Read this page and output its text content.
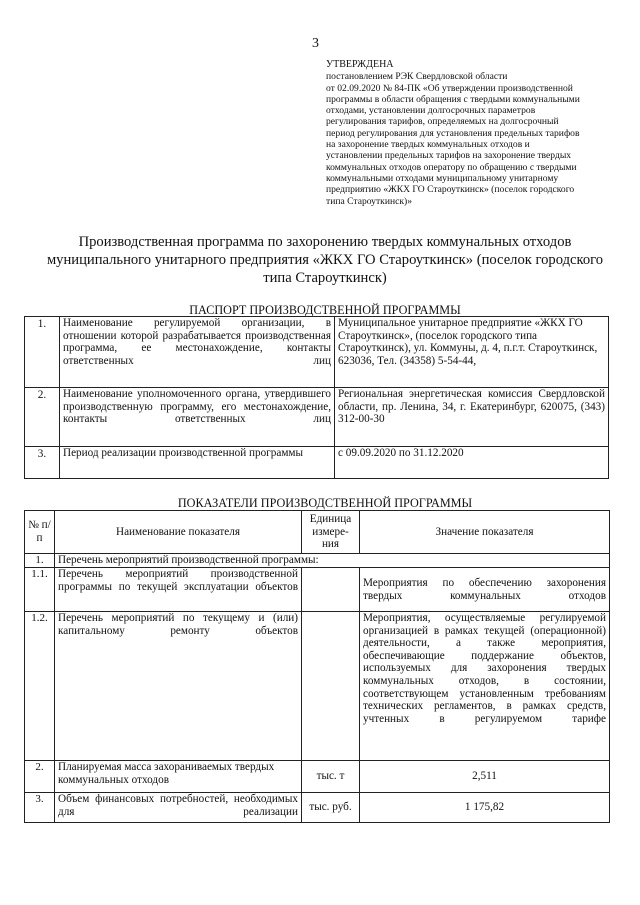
3
УТВЕРЖДЕНА
постановлением РЭК Свердловской области
от 02.09.2020 № 84-ПК «Об утверждении производственной
программы в области обращения с твердыми коммунальными
отходами, установлении долгосрочных параметров
регулирования тарифов, определяемых на долгосрочный
период регулирования для установления предельных тарифов
на захоронение твердых коммунальных отходов и
установлении предельных тарифов на захоронение твердых
коммунальных отходов оператору по обращению с твердыми
коммунальными отходами муниципальному унитарному
предприятию «ЖКХ ГО Староуткинск» (поселок городского
типа Староуткинск)»
Производственная программа по захоронению твердых коммунальных отходов
муниципального унитарного предприятия «ЖКХ ГО Староуткинск» (поселок городского
типа Староуткинск)
ПАСПОРТ ПРОИЗВОДСТВЕННОЙ ПРОГРАММЫ
1.	Наименование регулируемой организации, в отношении которой разрабатывается производственная программа, ее местонахождение, контакты ответственных лиц	Муниципальное унитарное предприятие «ЖКХ ГО Староуткинск», (поселок городского типа Староуткинск), ул. Коммуны, д. 4, п.г.т. Староуткинск, 623036, Тел. (34358) 5-54-44,

2.	Наименование уполномоченного органа, утвердившего производственную программу, его местонахождение, контакты ответственных лиц	Региональная энергетическая комиссия Свердловской области, пр. Ленина, 34, г. Екатеринбург, 620075, (343) 312-00-30
3.	Период реализации производственной программы	с 09.09.2020 по 31.12.2020
ПОКАЗАТЕЛИ ПРОИЗВОДСТВЕННОЙ ПРОГРАММЫ
№ п/п	Наименование показателя	Единица измере-ния	Значение показателя
1.	Перечень мероприятий производственной программы:		
1.1.	Перечень мероприятий производственной программы по текущей эксплуатации объектов		Мероприятия по обеспечению захоронения твердых коммунальных отходов

1.2.	Перечень мероприятий по текущему и (или) капитальному ремонту объектов		Мероприятия, осуществляемые регулируемой организацией в рамках текущей (операционной) деятельности, а также мероприятия, обеспечивающие поддержание объектов, используемых для захоронения твердых коммунальных отходов, в состоянии, соответствующем установленным требованиям технических регламентов, в рамках средств, учтенных в регулируемом тарифе

2.	Планируемая масса захораниваемых твердых коммунальных отходов	тыс. т	2,511
3.	Объем финансовых потребностей, необходимых для реализации	тыс. руб.	1 175,82
